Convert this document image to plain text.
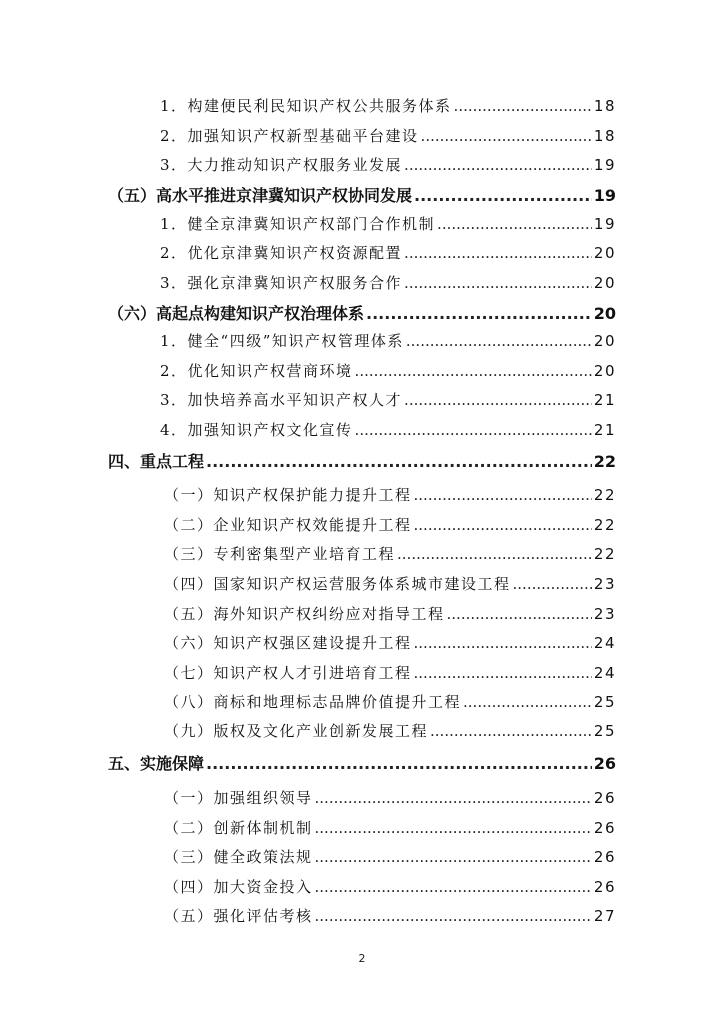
1．构建便民利民知识产权公共服务体系 .....	18
2．加强知识产权新型基础平台建设 .....	18
3．大力推动知识产权服务业发展 .....	19
（五）高水平推进京津冀知识产权协同发展 .....	19
1．健全京津冀知识产权部门合作机制 .....	19
2．优化京津冀知识产权资源配置 .....	20
3．强化京津冀知识产权服务合作 .....	20
（六）高起点构建知识产权治理体系 .....	20
1．健全“四级”知识产权管理体系 .....	20
2．优化知识产权营商环境 .....	20
3．加快培养高水平知识产权人才 .....	21
4．加强知识产权文化宣传 .....	21
四、重点工程 .....	22
（一）知识产权保护能力提升工程 .....	22
（二）企业知识产权效能提升工程 .....	22
（三）专利密集型产业培育工程 .....	22
（四）国家知识产权运营服务体系城市建设工程 .....	23
（五）海外知识产权纠纷应对指导工程 .....	23
（六）知识产权强区建设提升工程 .....	24
（七）知识产权人才引进培育工程 .....	24
（八）商标和地理标志品牌价值提升工程 .....	25
（九）版权及文化产业创新发展工程 .....	25
五、实施保障 .....	26
（一）加强组织领导 .....	26
（二）创新体制机制 .....	26
（三）健全政策法规 .....	26
（四）加大资金投入 .....	26
（五）强化评估考核 .....	27
2
